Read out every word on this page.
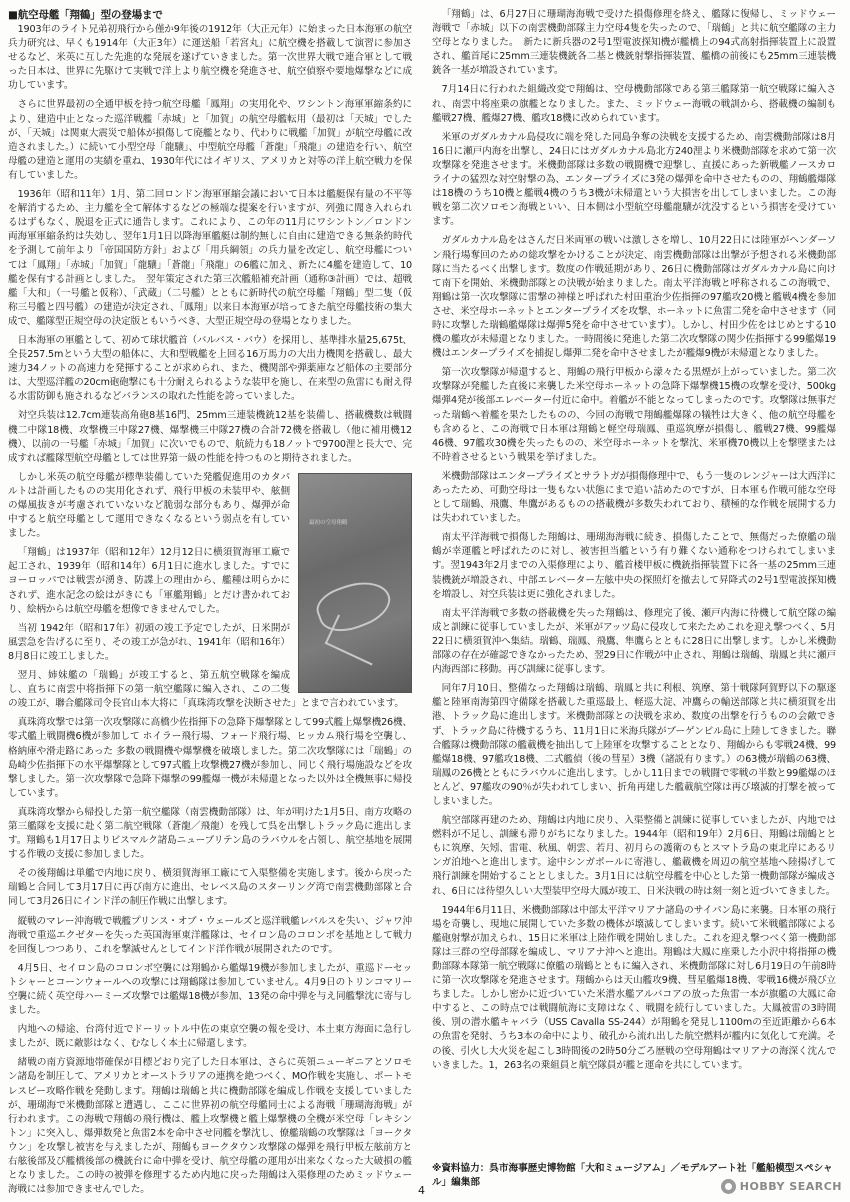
■航空母艦「翔鶴」型の登場まで

1903年のライト兄弟初飛行から僅か9年後の1912年（大正元年）に始まった日本海軍の航空兵力研究は、早くも1914年（大正3年）に運送船「若宮丸」に航空機を搭載して演習に参加させるなど、米英に互した先進的な発展を遂げていきました。第一次世界大戦で連合軍として戦った日本は、世界に先駆けて実戦で洋上より航空機を発進させ、航空偵察や要地爆撃などに成功しています。

さらに世界最初の全通甲板を持つ航空母艦「鳳翔」の実用化や、ワシントン海軍軍縮条約により、建造中止となった巡洋戦艦「赤城」と「加賀」の航空母艦転用（最初は「天城」でしたが、「天城」は関東大震災で船体が損傷して廃艦となり、代わりに戦艦「加賀」が航空母艦に改造されました。）に続いて小型空母「龍驤」、中型航空母艦「蒼龍」「飛龍」の建造を行い、航空母艦の建造と運用の実績を重ね、1930年代にはイギリス、アメリカと対等の洋上航空戦力を保有していました。

1936年（昭和11年）1月、第二回ロンドン海軍軍縮会議において日本は艦艇保有量の不平等を解消するため、主力艦を全て解体するなどの極端な提案を行いますが、列強に聞き入れられるはずもなく、脱退を正式に通告します。これにより、この年の11月にワシントン／ロンドン両海軍軍縮条約は失効し、翌年1月1日以降海軍艦艇は制約無しに自由に建造できる無条約時代を予測して前年より「帝国国防方針」および「用兵綱領」の兵力量を改定し、航空母艦については「鳳翔」「赤城」「加賀」「龍驤」「蒼龍」「飛龍」の6艦に加え、新たに4艦を建造して、10艦を保有する計画としました。　翌年策定された第三次艦船補充計画（通称③計画）では、超戦艦「大和」（一号艦と仮称）、「武蔵」（二号艦）とともに新時代の航空母艦「翔鶴」型二隻（仮称三号艦と四号艦）の建造が決定され、「鳳翔」以来日本海軍が培ってきた航空母艦技術の集大成で、艦隊型正規空母の決定版ともいうべき、大型正規空母の登場となりました。

日本海軍の軍艦として、初めて球状艦首（バルバス・バウ）を採用し、基準排水量25,675t、全長257.5mという大型の船体に、大和型戦艦を上回る16万馬力の大出力機関を搭載し、最大速力34ノットの高速力を発揮することが求められ、また、機関部や弾薬庫など船体の主要部分は、大型巡洋艦の20cm砲砲撃にも十分耐えられるような装甲を施し、在来型の魚雷にも耐え得る水雷防御も施されるなどバランスの取れた性能を誇っていました。

対空兵装は12.7cm連装高角砲8基16門、25mm三連装機銃12基を装備し、搭載機数は戦闘機二中隊18機、攻撃機三中隊27機、爆撃機三中隊27機の合計72機を搭載し（他に補用機12機）、以前の一号艦「赤城」「加賀」に次いでもので、航続力も18ノットで9700浬と長大で、完成すれば艦隊型航空母艦としては世界第一級の性能を持つものと期待されました。

最初の空母翔鶴

しかし米英の航空母艦が標準装備していた発艦促進用のカタパルトは計画したものの実用化されず、飛行甲板の未装甲や、舷側の爆風抜きが考慮されていないなど脆弱な部分もあり、爆弾が命中すると航空母艦として運用できなくなるという弱点を有していました。

「翔鶴」は1937年（昭和12年）12月12日に横須賀海軍工廠で起工され、1939年（昭和14年）6月1日に進水しました。すでにヨーロッパでは戦雲が湧き、防諜上の理由から、艦種は明らかにされず、進水記念の絵はがきにも「軍艦翔鶴」とだけ書かれており、絵柄からは航空母艦を想像できませんでした。

当初 1942年（昭和17年）初頭の竣工予定でしたが、日米開が風雲急を告げるに至り、その竣工が急がれ、1941年（昭和16年）8月8日に竣工しました。

翌月、姉妹艦の「瑞鶴」が竣工すると、第五航空戦隊を編成し、直ちに南雲中将指揮下の第一航空艦隊に編入され、この二隻の竣工が、聯合艦隊司令長官山本大将に「真珠湾攻撃を決断させた」とまで言われています。

真珠湾攻撃では第一次攻撃隊に高橋少佐指揮下の急降下爆撃隊として99式艦上爆撃機26機、零式艦上戦闘機6機が参加して ホイラー飛行場、フォード飛行場、ヒッカム飛行場を空襲し、格納庫や滑走路にあった 多数の戦闘機や爆撃機を破壊しました。第二次攻撃隊には「瑞鶴」の島崎少佐指揮下の水平爆撃隊として97式艦上攻撃機27機が参加し、同じく飛行場施設などを攻撃しました。第一次攻撃隊で急降下爆撃の99艦爆一機が未帰還となった以外は全機無事に帰投しています。

真珠湾攻撃から帰投した第一航空艦隊（南雲機動部隊）は、年が明けた1月5日、南方攻略の第三艦隊を支援に赴く第二航空戦隊（蒼龍／飛龍）を残して呉を出撃しトラック島に進出します。翔鶴も1月17日よりビスマルク諸島ニューブリテン島のラバウルを占領し、航空基地を展開する作戦の支援に参加しました。

その後翔鶴は単艦で内地に戻り、横須賀海軍工廠にて入渠整備を実施します。後から戻った瑞鶴と合同して3月17日に再び南方に進出、セレベス島のスターリング湾で南雲機動部隊と合同して3月26日にインド洋の制圧作戦に出撃します。

縦戦のマレー沖海戦で戦艦プリンス・オブ・ウェールズと巡洋戦艦レパルスを失い、ジャワ沖海戦で重巡エクゼターを失った英国海軍東洋艦隊は、セイロン島のコロンボを基地として戦力を回復しつつあり、これを撃滅せんとしてインド洋作戦が展開されたのです。

4月5日、セイロン島のコロンボ空襲には翔鶴から艦爆19機が参加しましたが、重巡ドーセットシャーとコーンウォールへの攻撃には翔鶴隊は参加していません。4月9日のトリンコマリー空襲に続く英空母ハーミーズ攻撃では艦爆18機が参加、13発の命中弾を与え同艦撃沈に寄与しました。

内地への帰途、台湾付近でドーリットル中佐の東京空襲の報を受け、本土東方海面に急行しましたが、既に敵影はなく、むなしく本土に帰還します。

緒戦の南方資源地帯確保が目標どおり完了した日本軍は、さらに英領ニューギニアとソロモン諸島を制圧して、アメリカとオーストラリアの連携を絶つべく、MO作戦を実施し、ポートモレスビー攻略作戦を発動します。翔鶴は瑞鶴と共に機動部隊を編成し作戦を支援していましたが、珊瑚海で米機動部隊と遭遇し、ここに世界初の航空母艦同士による海戦「珊瑚海海戦」が行われます。この海戦で翔鶴の飛行機は、艦上攻撃機と艦上爆撃機の全機が米空母「レキシントン」に突入し、爆弾数発と魚雷2本を命中させ同艦を撃沈し、僚艦瑞鶴の攻撃隊は「ヨークタウン」を攻撃し被害を与えましたが、翔鶴もヨークタウン攻撃隊の爆弾を飛行甲板左舷前方と右舷後部及び艦橋後部の機銃台に命中弾を受け、航空母艦の運用が出来なくなった大破損の艦となりました。この時の被弾を修理するため内地に戻った翔鶴は入渠修理のためミッドウェー海戦には参加できませんでした。

「翔鶴」は、6月27日に珊瑚海海戦で受けた損傷修理を終え、艦隊に復帰し、ミッドウェー海戦で「赤城」以下の南雲機動部隊主力空母4隻を失ったので、「瑞鶴」と共に航空艦隊の主力空母となりました。　新たに新兵器の2号1型電波探知機が艦橋上の94式高射指揮装置上に設置され、艦首尾に25mm三連装機銃各二基と機銃射撃指揮装置、艦橋の前後にも25mm三連装機銃各一基が増設されています。

7月14日に行われた組織改変で翔鶴は、空母機動部隊である第三艦隊第一航空戦隊に編入され、南雲中将座乗の旗艦となりました。また、ミッドウェー海戦の戦訓から、搭載機の編制も艦戦27機、艦爆27機、艦攻18機に改められています。

米軍のガダルカナル島侵攻に端を発した同島争奪の決戦を支援するため、南雲機動部隊は8月16日に瀬戸内海を出撃し、24日にはガダルカナル島北方240浬より米機動部隊を求めて第一次攻撃隊を発進させます。米機動部隊は多数の戦闘機で迎撃し、直援にあった新戦艦ノースカロライナの猛烈な対空射撃の為、エンタープライズに3発の爆弾を命中させたものの、翔鶴艦爆隊は18機のうち10機と艦戦4機のうち3機が未帰還という大損害を出してしまいました。この海戦を第二次ソロモン海戦といい、日本側は小型航空母艦龍驤が沈没するという損害を受けています。

ガダルカナル島をはさんだ日米両軍の戦いは激しさを増し、10月22日には陸軍がヘンダーソン飛行場奪回のための総攻撃をかけることが決定、南雲機動部隊は出撃が予想される米機動部隊に当たるべく出撃します。数度の作戦延期があり、26日に機動部隊はガダルカナル島に向けて南下を開始、米機動部隊との決戦が始まりました。南太平洋海戦と呼称されるこの海戦で、翔鶴は第一次攻撃隊に雷撃の神様と呼ばれた村田重治少佐指揮の97艦攻20機と艦戦4機を参加させ、米空母ホーネットとエンタープライズを攻撃、ホーネットに魚雷二発を命中させます（同時に攻撃した瑞鶴艦爆隊は爆弾5発を命中させています）。しかし、村田少佐をはじめとする10機の艦攻が未帰還となりました。一時間後に発進した第二次攻撃隊の関少佐指揮する99艦爆19機はエンタープライズを捕捉し爆弾二発を命中させましたが艦爆9機が未帰還となりました。

第一次攻撃隊が帰還すると、翔鶴の飛行甲板から濛々たる黒煙が上がっていました。第二次攻撃隊が発艦した直後に来襲した米空母ホーネットの急降下爆撃機15機の攻撃を受け、500kg爆弾4発が後部エレベーター付近に命中。着艦が不能となってしまったのです。攻撃隊は無事だった瑞鶴へ着艦を果たしたものの、今回の海戦で翔鶴艦爆隊の犠牲は大きく、他の航空母艦をも含めると、この海戦で日本軍は翔鶴と軽空母瑞鳳、重巡筑摩が損傷し、艦戦27機、99艦爆46機、97艦攻30機を失ったものの、米空母ホーネットを撃沈、米軍機70機以上を撃墜または不時着させるという戦果を挙げました。

米機動部隊はエンタープライズとサラトガが損傷修理中で、もう一隻のレンジャーは大西洋にあったため、可動空母は一隻もない状態にまで追い詰めたのですが、日本軍も作戦可能な空母として瑞鶴、飛鷹、隼鷹があるものの搭載機が多数失われており、積極的な作戦を展開する力は失われていました。

南太平洋海戦で損傷した翔鶴は、珊瑚海海戦に続き、損傷したことで、無傷だった僚艦の瑞鶴が幸運艦と呼ばれたのに対し、被害担当艦という有り難くない通称をつけられてしまいます。翌1943年2月までの入渠修理により、艦首楼甲板に機銃指揮装置下に各一基の25mm三連装機銃が増設され、中部エレベーター左舷中央の探照灯を撤去して昇降式の2号1型電波探知機を増設し、対空兵装は更に強化されました。

南太平洋海戦で多数の搭載機を失った翔鶴は、修理完了後、瀬戸内海に待機して航空隊の編成と訓練に従事していましたが、米軍がアッツ島に侵攻して来たためこれを迎え撃つべく、5月22日に横須賀沖へ集結。瑞鶴、瑞鳳、飛鷹、隼鷹らとともに28日に出撃します。しかし米機動部隊の存在が確認できなかったため、翌29日に作戦が中止され、翔鶴は瑞鶴、瑞鳳と共に瀬戸内海西部に移動。再び訓練に従事します。

同年7月10日、整備なった翔鶴は瑞鶴、瑞鳳と共に利根、筑摩、第十戦隊阿賀野以下の駆逐艦と陸軍南海第四守備隊を搭載した重巡最上、軽巡大淀、冲鷹らの輸送部隊と共に横須賀を出港、トラック島に進出します。米機動部隊との決戦を求め、数度の出撃を行うものの会敵できず、トラック島に待機するうち、11月1日に米海兵隊がブーゲンビル島に上陸してきました。聯合艦隊は機動部隊の艦載機を抽出して上陸軍を攻撃することとなり、翔鶴からも零戦24機、99艦爆18機、97艦攻18機、二式艦偵（後の彗星）3機（諸説有ります。）の63機が瑞鶴の63機、瑞鳳の26機とともにラバウルに進出します。しかし11日までの戦闘で零戦の半数と99艦爆のほとんど、97艦攻の90％が失われてしまい、折角再建した艦載航空隊は再び壊滅的打撃を被ってしまいました。

航空部隊再建のため、翔鶴は内地に戻り、入渠整備と訓練に従事していましたが、内地では燃料が不足し、訓練も滞りがちになりました。1944年（昭和19年）2月6日、翔鶴は瑞鶴とともに筑摩、矢矧、雷電、秋風、朝雲、若月、初月らの護衛のもとスマトラ島の東北岸にあるリンガ泊地へと進出します。途中シンガポールに寄港し、艦載機を周辺の航空基地へ陸揚げして飛行訓練を開始することとしました。3月1日には航空母艦を中心とした第一機動部隊が編成され、6日には待望久しい大型装甲空母大鳳が竣工、日米決戦の時は刻一刻と近づいてきました。

1944年6月11日、米機動部隊は中部太平洋マリアナ諸島のサイパン島に来襲。日本軍の飛行場を奇襲し、現地に展開していた多数の機体が壊滅してしまいます。続いて米戦艦部隊による艦砲射撃が加えられ、15日に米軍は上陸作戦を開始しました。これを迎え撃つべく第一機動部隊は三群の空母部隊を編成し、マリアナ沖へと進出。翔鶴は大鳳に座乗した小沢中将指揮の機動部隊本隊第一航空戦隊に僚艦の瑞鶴とともに編入され、米機動部隊に対し6月19日の午前8時に第一次攻撃隊を発進させます。翔鶴からは天山艦攻9機、彗星艦爆18機、零戦16機が飛び立ちました。しかし密かに近づいていた米潜水艦アルバコアの放った魚雷一本が旗艦の大鳳に命中すると、この時点では戦闘航海に支障はなく、戦闘を続行していました。大鳳被雷の3時間後、別の潜水艦キャバラ（USS Cavalla SS-244）が翔鶴を発見し1100mの至近距離から6本の魚雷を発射、うち3本の命中により、破孔から流れ出した航空燃料が艦内に気化して充満。その後、引火し大火災を起こし3時間後の2時50分ごろ歴戦の空母翔鶴はマリアナの海深く沈んでいきました。1，263名の乗組員と航空隊員が艦と運命を共にしています。

※資料協力：呉市海事歴史博物館「大和ミュージアム」／モデルアート社「艦船模型スペシャル」編集部
4	HOBBY SEARCH
